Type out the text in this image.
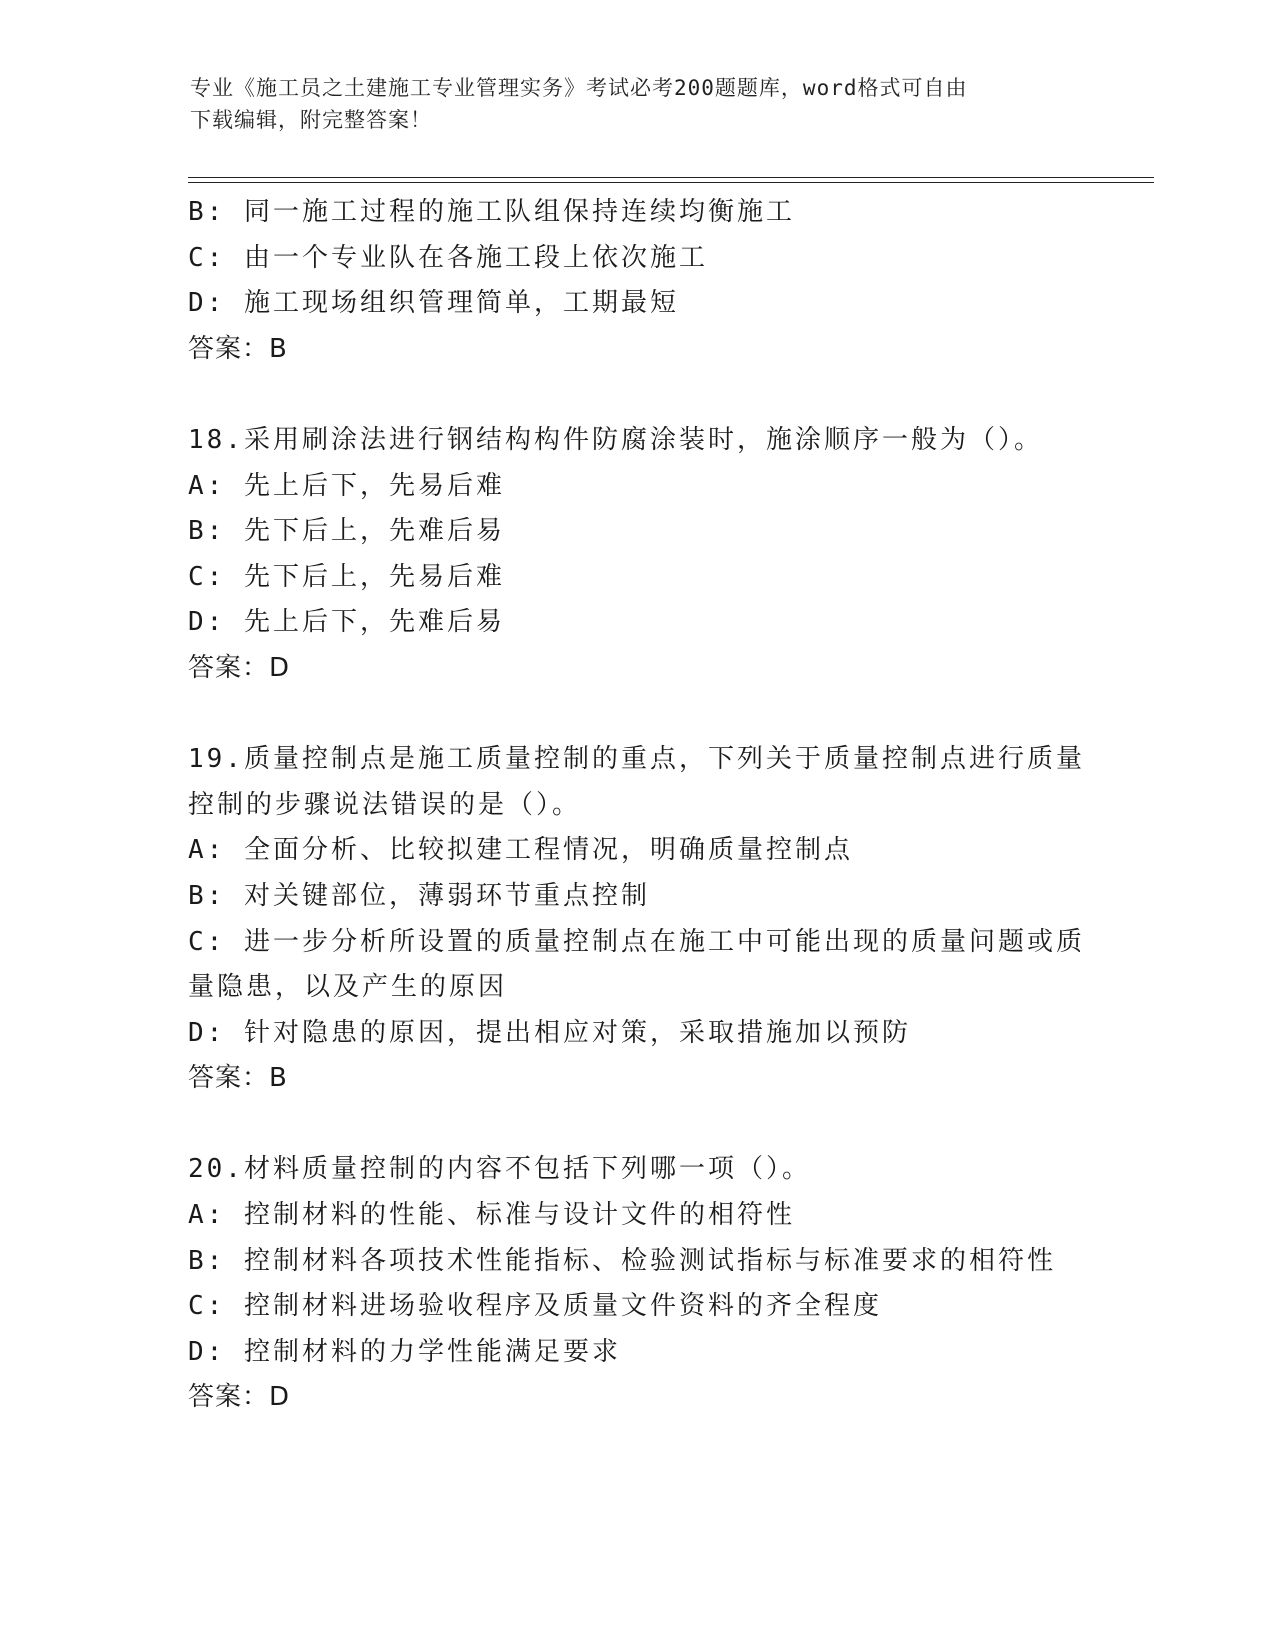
专业《施工员之土建施工专业管理实务》考试必考200题题库，word格式可自由
下载编辑，附完整答案！
B: 同一施工过程的施工队组保持连续均衡施工
C: 由一个专业队在各施工段上依次施工
D: 施工现场组织管理简单，工期最短
答案：B
18.采用刷涂法进行钢结构构件防腐涂装时，施涂顺序一般为（）。
A: 先上后下，先易后难
B: 先下后上，先难后易
C: 先下后上，先易后难
D: 先上后下，先难后易
答案：D
19.质量控制点是施工质量控制的重点，下列关于质量控制点进行质量
控制的步骤说法错误的是（）。
A: 全面分析、比较拟建工程情况，明确质量控制点
B: 对关键部位，薄弱环节重点控制
C: 进一步分析所设置的质量控制点在施工中可能出现的质量问题或质
量隐患，以及产生的原因
D: 针对隐患的原因，提出相应对策，采取措施加以预防
答案：B
20.材料质量控制的内容不包括下列哪一项（）。
A: 控制材料的性能、标准与设计文件的相符性
B: 控制材料各项技术性能指标、检验测试指标与标准要求的相符性
C: 控制材料进场验收程序及质量文件资料的齐全程度
D: 控制材料的力学性能满足要求
答案：D
